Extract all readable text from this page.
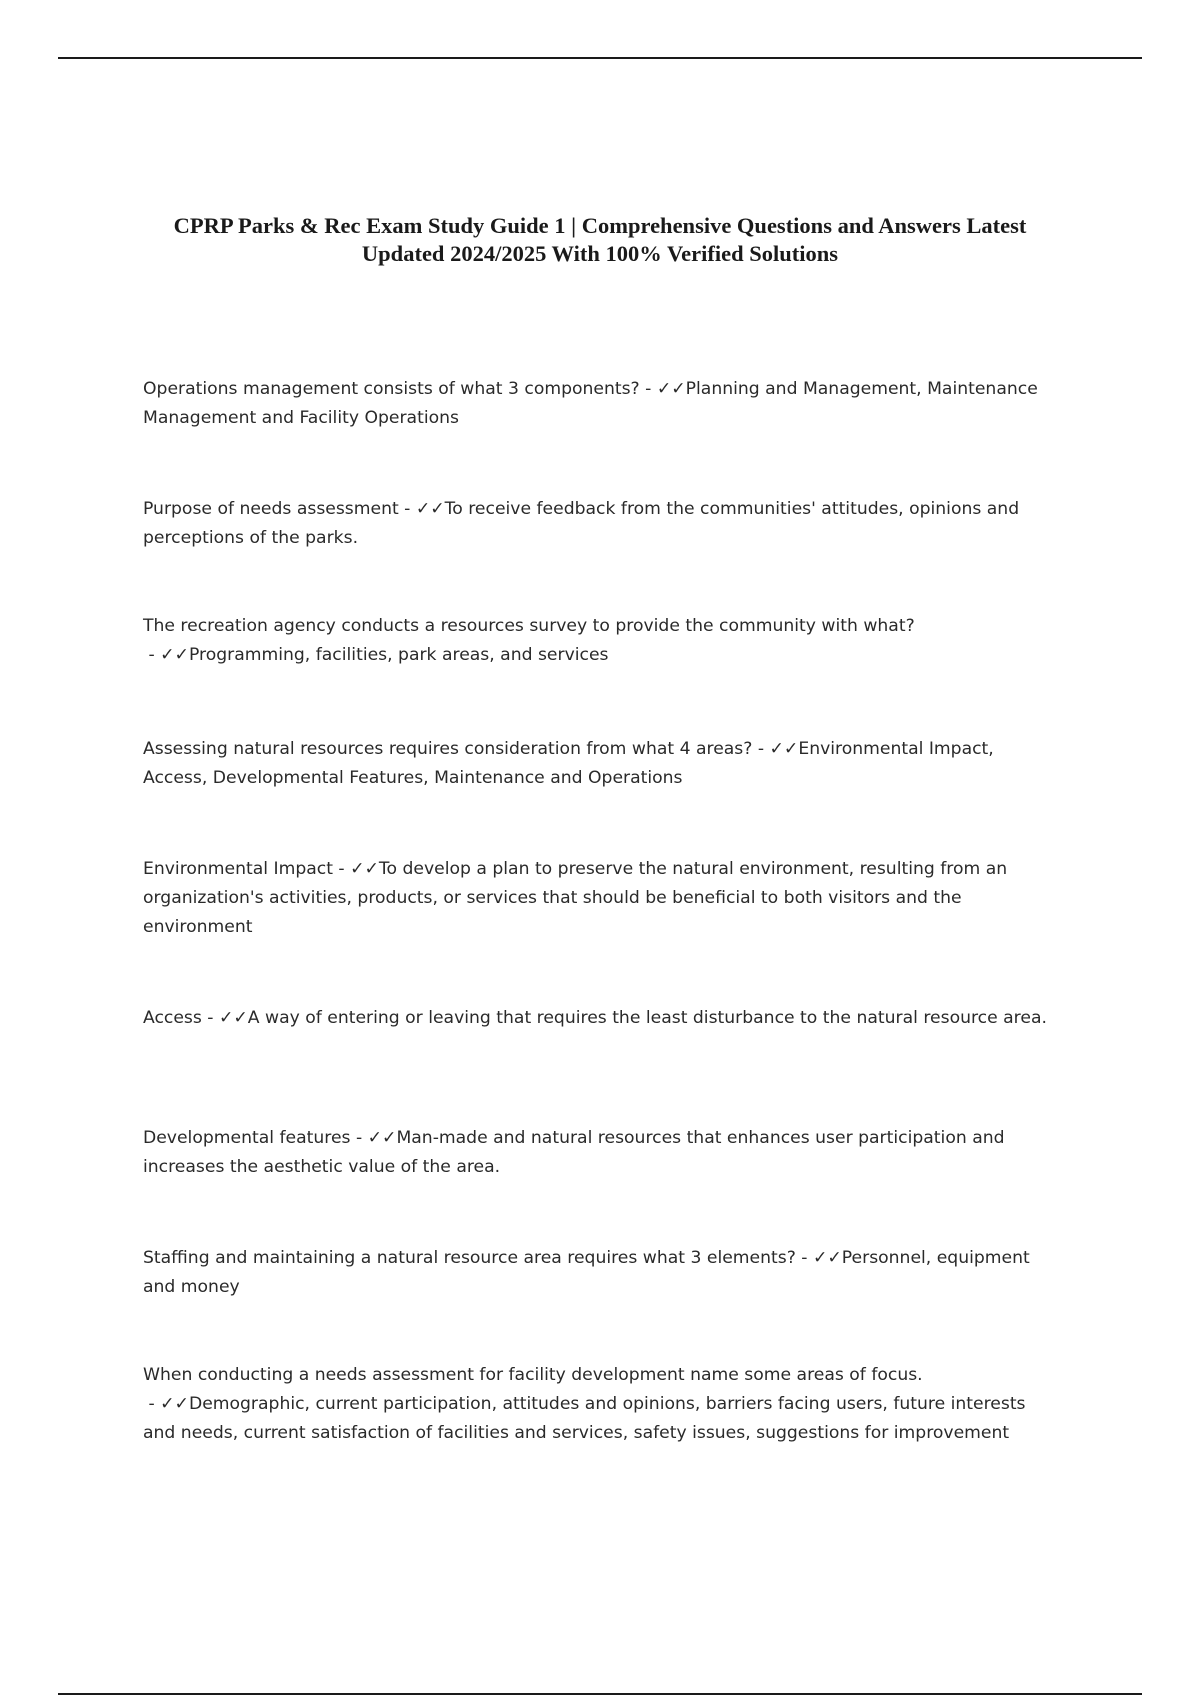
CPRP Parks & Rec Exam Study Guide 1 | Comprehensive Questions and Answers Latest Updated 2024/2025 With 100% Verified Solutions

Operations management consists of what 3 components? - ✓✓Planning and Management, Maintenance Management and Facility Operations

Purpose of needs assessment - ✓✓To receive feedback from the communities' attitudes, opinions and perceptions of the parks.

The recreation agency conducts a resources survey to provide the community with what? - ✓✓Programming, facilities, park areas, and services

Assessing natural resources requires consideration from what 4 areas? - ✓✓Environmental Impact, Access, Developmental Features, Maintenance and Operations

Environmental Impact - ✓✓To develop a plan to preserve the natural environment, resulting from an organization's activities, products, or services that should be beneficial to both visitors and the environment

Access - ✓✓A way of entering or leaving that requires the least disturbance to the natural resource area.

Developmental features - ✓✓Man-made and natural resources that enhances user participation and increases the aesthetic value of the area.

Staffing and maintaining a natural resource area requires what 3 elements? - ✓✓Personnel, equipment and money

When conducting a needs assessment for facility development name some areas of focus. - ✓✓Demographic, current participation, attitudes and opinions, barriers facing users, future interests and needs, current satisfaction of facilities and services, safety issues, suggestions for improvement
